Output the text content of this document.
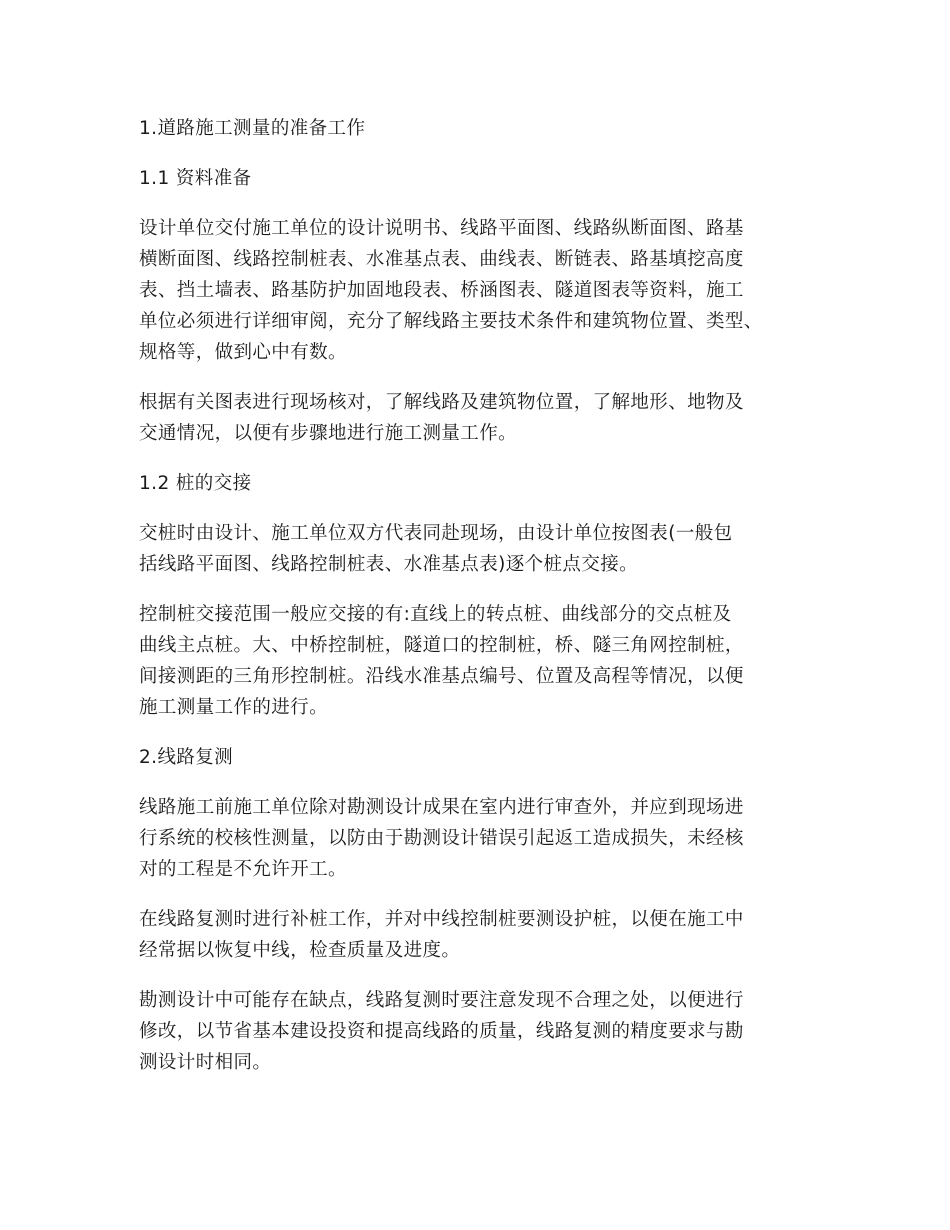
1.道路施工测量的准备工作

1.1 资料准备

设计单位交付施工单位的设计说明书、线路平面图、线路纵断面图、路基
横断面图、线路控制桩表、水准基点表、曲线表、断链表、路基填挖高度
表、挡土墙表、路基防护加固地段表、桥涵图表、隧道图表等资料，施工
单位必须进行详细审阅，充分了解线路主要技术条件和建筑物位置、类型、
规格等，做到心中有数。

根据有关图表进行现场核对，了解线路及建筑物位置，了解地形、地物及
交通情况，以便有步骤地进行施工测量工作。

1.2 桩的交接

交桩时由设计、施工单位双方代表同赴现场，由设计单位按图表(一般包
括线路平面图、线路控制桩表、水准基点表)逐个桩点交接。

控制桩交接范围一般应交接的有:直线上的转点桩、曲线部分的交点桩及
曲线主点桩。大、中桥控制桩，隧道口的控制桩，桥、隧三角网控制桩，
间接测距的三角形控制桩。沿线水准基点编号、位置及高程等情况，以便
施工测量工作的进行。

2.线路复测

线路施工前施工单位除对勘测设计成果在室内进行审查外，并应到现场进
行系统的校核性测量，以防由于勘测设计错误引起返工造成损失，未经核
对的工程是不允许开工。

在线路复测时进行补桩工作，并对中线控制桩要测设护桩，以便在施工中
经常据以恢复中线，检查质量及进度。

勘测设计中可能存在缺点，线路复测时要注意发现不合理之处，以便进行
修改，以节省基本建设投资和提高线路的质量，线路复测的精度要求与勘
测设计时相同。
